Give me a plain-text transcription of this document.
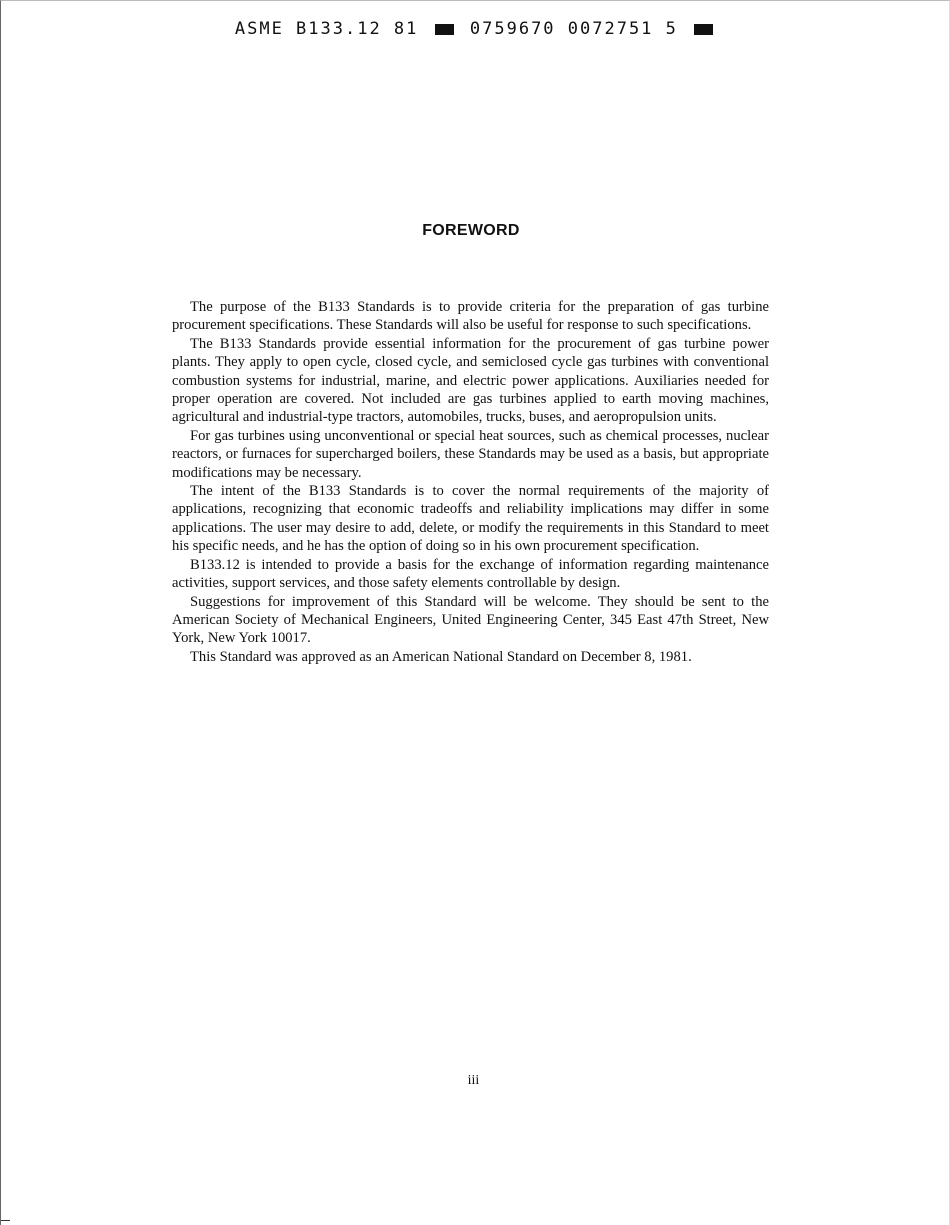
ASME B133.12 81	0759670 0072751 5
FOREWORD

The purpose of the B133 Standards is to provide criteria for the preparation of gas turbine procurement specifications. These Standards will also be useful for response to such specifications.

The B133 Standards provide essential information for the procurement of gas turbine power plants. They apply to open cycle, closed cycle, and semiclosed cycle gas turbines with conventional combustion systems for industrial, marine, and electric power applications. Auxiliaries needed for proper operation are covered. Not included are gas turbines applied to earth moving machines, agricultural and industrial-type tractors, automobiles, trucks, buses, and aeropropulsion units.

For gas turbines using unconventional or special heat sources, such as chemical processes, nuclear reactors, or furnaces for supercharged boilers, these Standards may be used as a basis, but appropriate modifications may be necessary.

The intent of the B133 Standards is to cover the normal requirements of the majority of applications, recognizing that economic tradeoffs and reliability implications may differ in some applications. The user may desire to add, delete, or modify the requirements in this Standard to meet his specific needs, and he has the option of doing so in his own procurement specification.

B133.12 is intended to provide a basis for the exchange of information regarding maintenance activities, support services, and those safety elements controllable by design.

Suggestions for improvement of this Standard will be welcome. They should be sent to the American Society of Mechanical Engineers, United Engineering Center, 345 East 47th Street, New York, New York 10017.

This Standard was approved as an American National Standard on December 8, 1981.

iii
